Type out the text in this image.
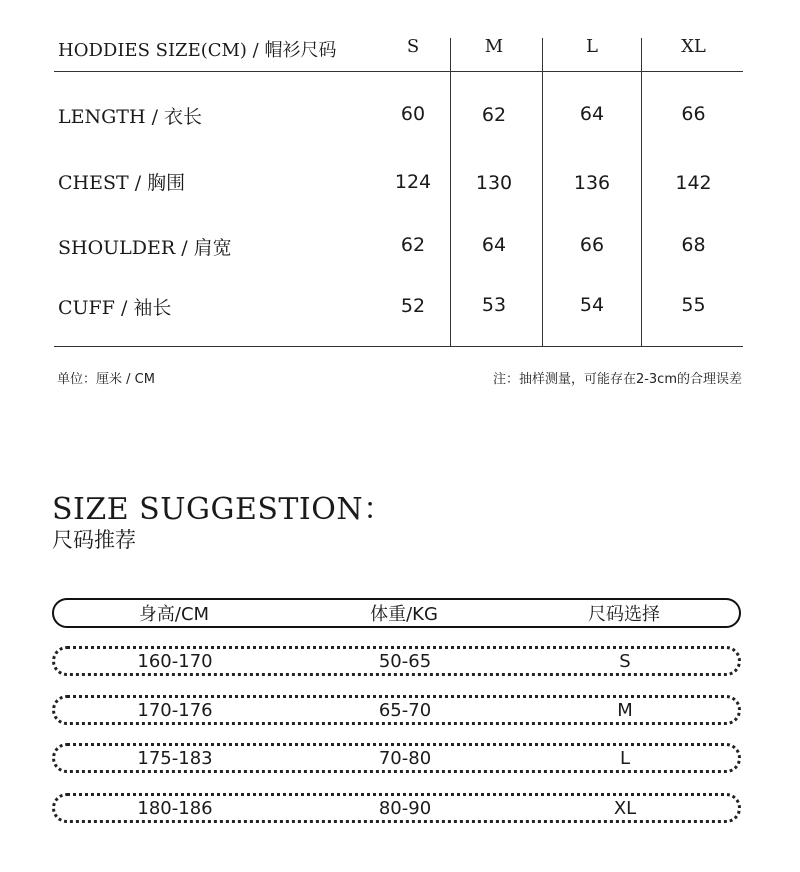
HODDIES SIZE(CM) / 帽衫尺码	S	M	L	XL
LENGTH / 衣长	60	62	64	66
CHEST / 胸围	124	130	136	142
SHOULDER / 肩宽	62	64	66	68
CUFF / 袖长	52	53	54	55
单位：厘米 / CM	注：抽样测量，可能存在2-3cm的合理误差
SIZE SUGGESTION：
尺码推荐
身高/CM	体重/KG	尺码选择
160-170	50-65	S
170-176	65-70	M
175-183	70-80	L
180-186	80-90	XL
